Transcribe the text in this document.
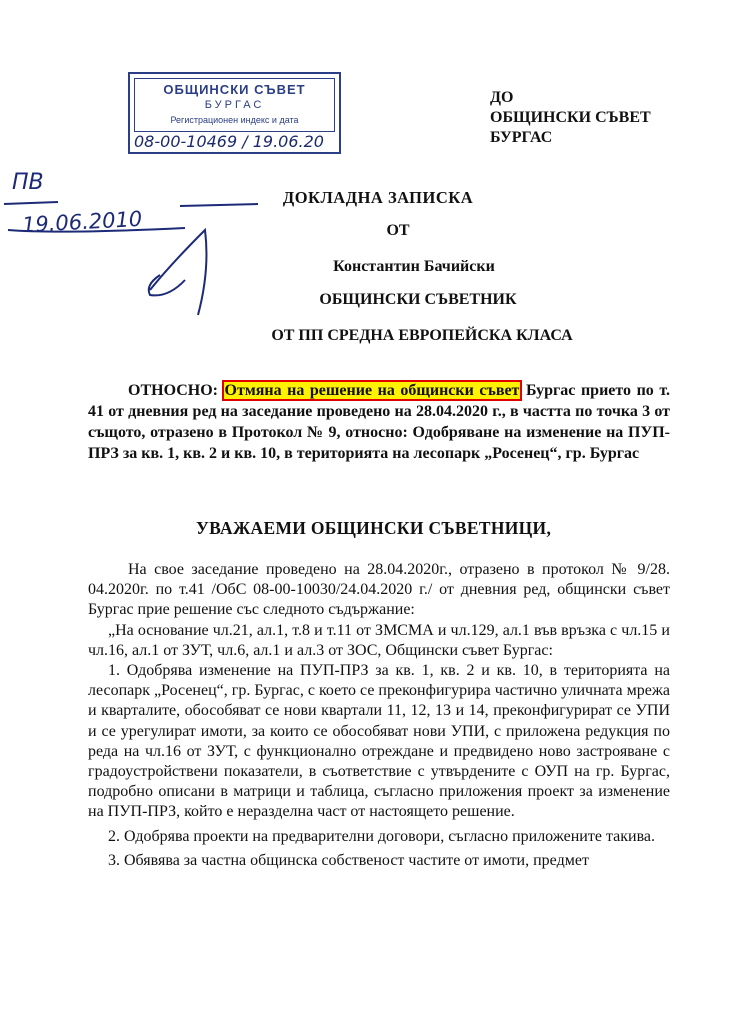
ОБЩИНСКИ СЪВЕТ
БУРГАС
Регистрационен индекс и дата
08-00-10469 / 19.06.20
ДО
ОБЩИНСКИ СЪВЕТ
БУРГАС
ПВ
19.06.2010
ДОКЛАДНА ЗАПИСКА
ОТ
Константин Бачийски
ОБЩИНСКИ СЪВЕТНИК
ОТ ПП СРЕДНА ЕВРОПЕЙСКА КЛАСА
ОТНОСНО: Отмяна на решение на общински съвет Бургас прието по т. 41 от дневния ред на заседание проведено на 28.04.2020 г., в частта по точка 3 от същото, отразено в Протокол № 9, относно: Одобряване на изменение на ПУП-ПРЗ за кв. 1, кв. 2 и кв. 10, в територията на лесопарк „Росенец“, гр. Бургас
УВАЖАЕМИ ОБЩИНСКИ СЪВЕТНИЦИ,

На свое заседание проведено на 28.04.2020г., отразено в протокол № 9/28. 04.2020г. по т.41 /ОбС 08-00-10030/24.04.2020 г./ от дневния ред, общински съвет Бургас прие решение със следното съдържание:

„На основание чл.21, ал.1, т.8 и т.11 от ЗМСМА и чл.129, ал.1 във връзка с чл.15 и чл.16, ал.1 от ЗУТ, чл.6, ал.1 и ал.3 от ЗОС, Общински съвет Бургас:

1. Одобрява изменение на ПУП-ПРЗ за кв. 1, кв. 2 и кв. 10, в територията на лесопарк „Росенец“, гр. Бургас, с което се преконфигурира частично уличната мрежа и кварталите, обособяват се нови квартали 11, 12, 13 и 14, преконфигурират се УПИ и се урегулират имоти, за които се обособяват нови УПИ, с приложена редукция по реда на чл.16 от ЗУТ, с функционално отреждане и предвидено ново застрояване с градоустройствени показатели, в съответствие с утвърдените с ОУП на гр. Бургас, подробно описани в матрици и таблица, съгласно приложения проект за изменение на ПУП-ПРЗ, който е неразделна част от настоящето решение.

2. Одобрява проекти на предварителни договори, съгласно приложените такива.

3. Обявява за частна общинска собственост частите от имоти, предмет
